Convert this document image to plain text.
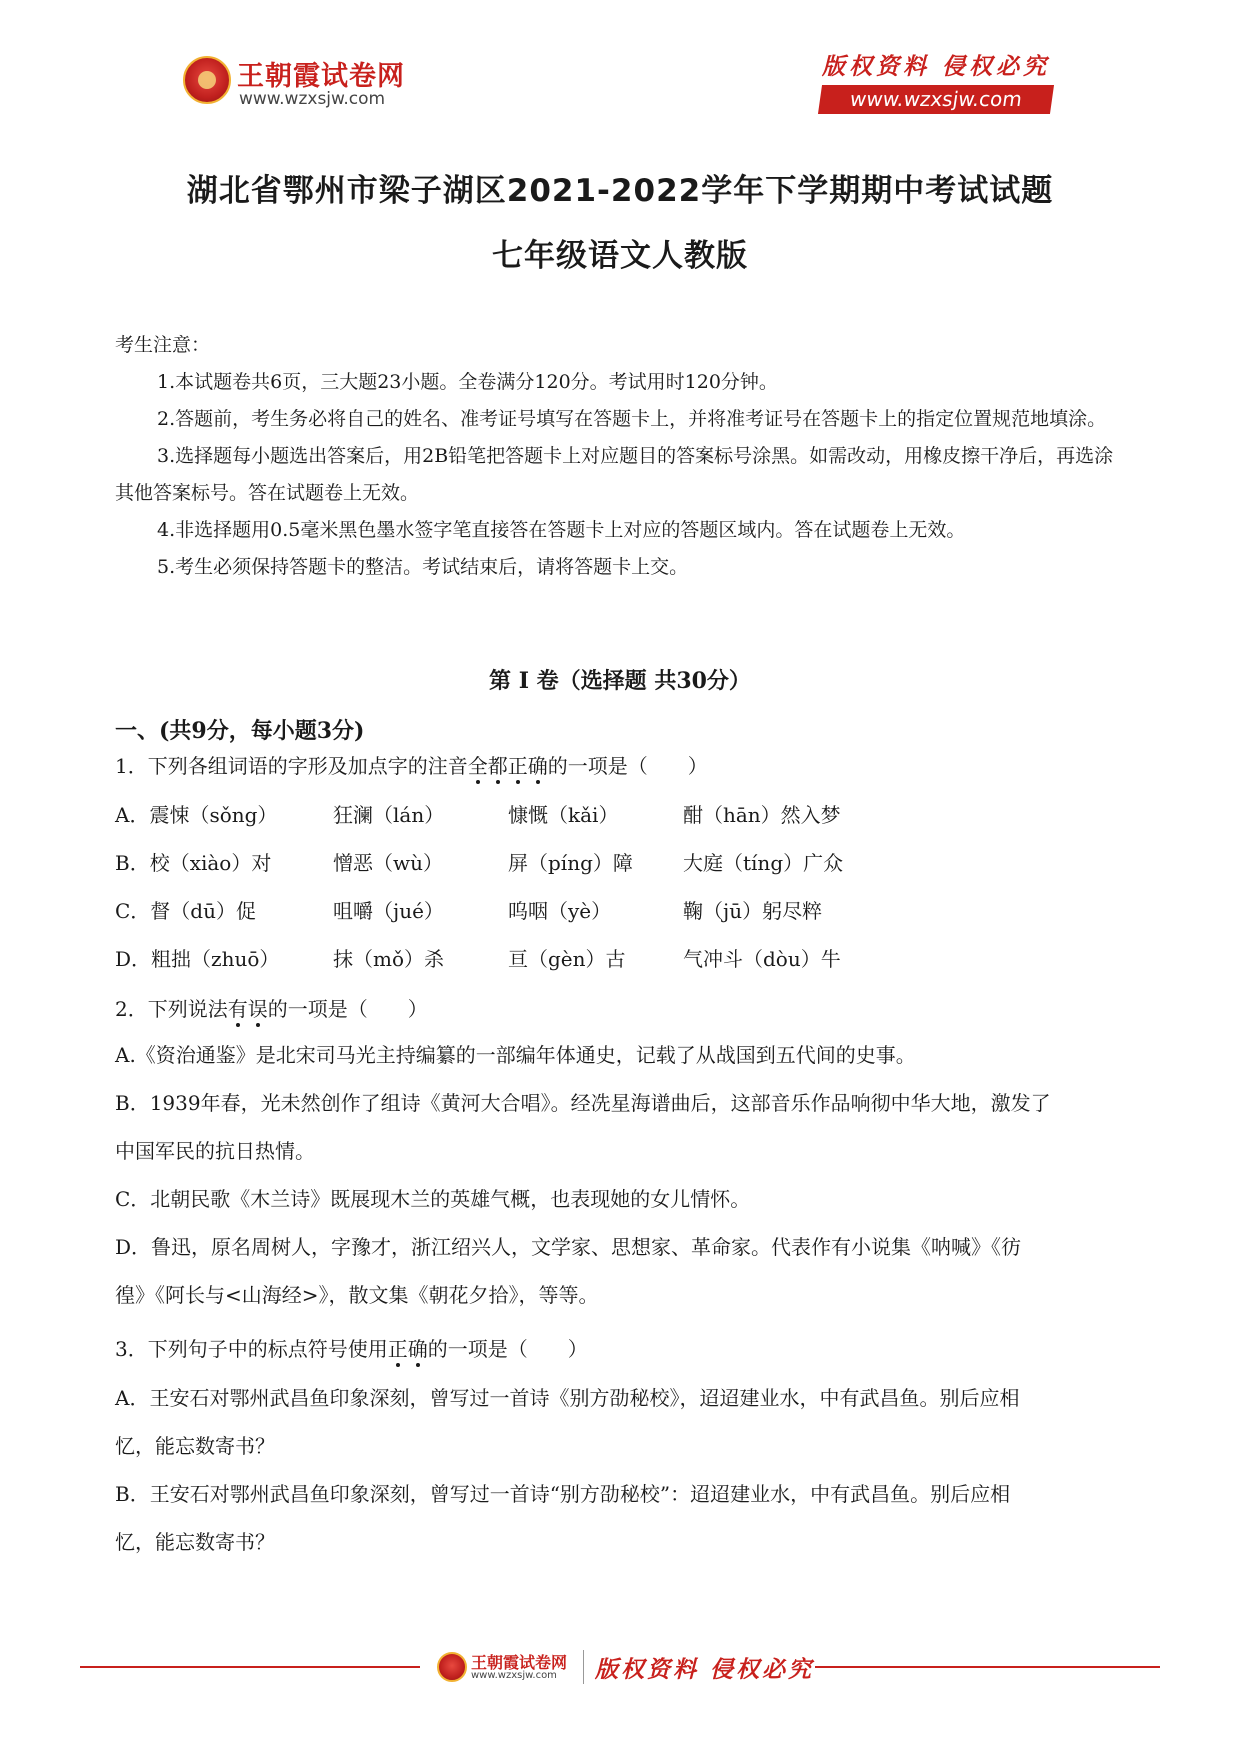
王朝霞试卷网
www.wzxsjw.com
版权资料 侵权必究
www.wzxsjw.com
湖北省鄂州市梁子湖区2021-2022学年下学期期中考试试题
七年级语文人教版
考生注意：

1.本试题卷共6页，三大题23小题。全卷满分120分。考试用时120分钟。

2.答题前，考生务必将自己的姓名、准考证号填写在答题卡上，并将准考证号在答题卡上的指定位置规范地填涂。

3.选择题每小题选出答案后，用2B铅笔把答题卡上对应题目的答案标号涂黑。如需改动，用橡皮擦干净后，再选涂其他答案标号。答在试题卷上无效。

4.非选择题用0.5毫米黑色墨水签字笔直接答在答题卡上对应的答题区域内。答在试题卷上无效。

5.考生必须保持答题卡的整洁。考试结束后，请将答题卡上交。

第 I 卷（选择题 共30分）
一、(共9分，每小题3分)
1．下列各组词语的字形及加点字的注音全都正确的一项是（　　）
A．震悚（sǒng）	狂澜（lán）	慷慨（kǎi）	酣（hān）然入梦
B．校（xiào）对	憎恶（wù）	屏（píng）障	大庭（tíng）广众
C．督（dū）促	咀嚼（jué）	呜咽（yè）	鞠（jū）躬尽粹
D．粗拙（zhuō）	抹（mǒ）杀	亘（gèn）古	气冲斗（dòu）牛
2．下列说法有误的一项是（　　）

A.《资治通鉴》是北宋司马光主持编纂的一部编年体通史，记载了从战国到五代间的史事。

B．1939年春，光未然创作了组诗《黄河大合唱》。经冼星海谱曲后，这部音乐作品响彻中华大地，激发了

中国军民的抗日热情。

C．北朝民歌《木兰诗》既展现木兰的英雄气概，也表现她的女儿情怀。

D．鲁迅，原名周树人，字豫才，浙江绍兴人，文学家、思想家、革命家。代表作有小说集《呐喊》《彷

徨》《阿长与<山海经>》，散文集《朝花夕拾》，等等。

3．下列句子中的标点符号使用正确的一项是（　　）

A．王安石对鄂州武昌鱼印象深刻，曾写过一首诗《别方劭秘校》，迢迢建业水，中有武昌鱼。别后应相

忆，能忘数寄书？

B．王安石对鄂州武昌鱼印象深刻，曾写过一首诗“别方劭秘校”：迢迢建业水，中有武昌鱼。别后应相

忆，能忘数寄书？

王朝霞试卷网
www.wzxsjw.com 版权资料 侵权必究
